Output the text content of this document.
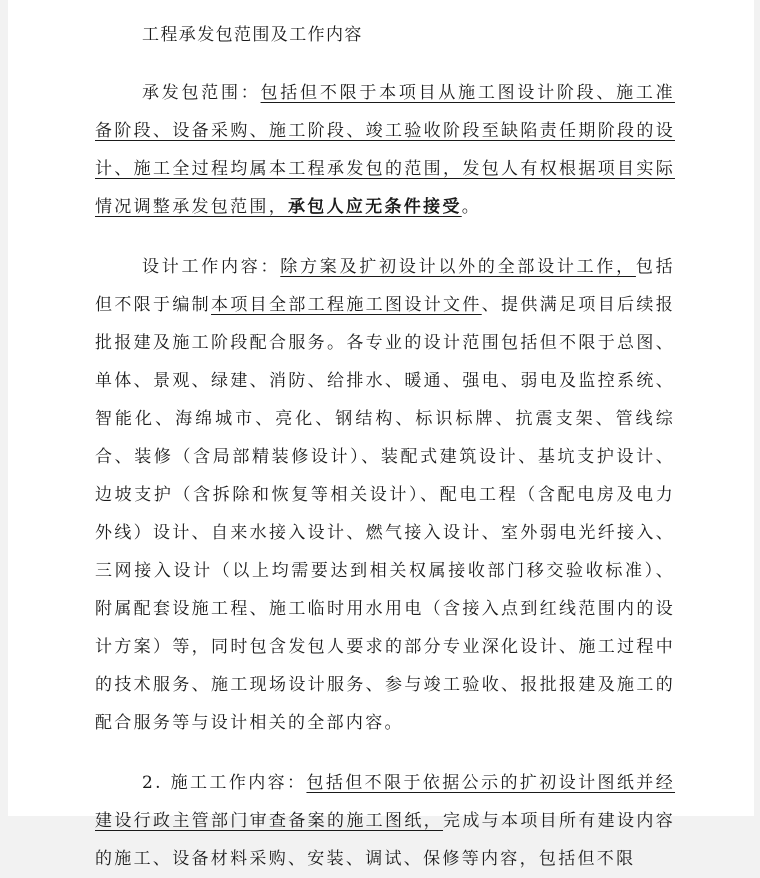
工程承发包范围及工作内容

承发包范围：包括但不限于本项目从施工图设计阶段、施工准备阶段、设备采购、施工阶段、竣工验收阶段至缺陷责任期阶段的设计、施工全过程均属本工程承发包的范围，发包人有权根据项目实际情况调整承发包范围，承包人应无条件接受。

设计工作内容：除方案及扩初设计以外的全部设计工作，包括但不限于编制本项目全部工程施工图设计文件、提供满足项目后续报批报建及施工阶段配合服务。各专业的设计范围包括但不限于总图、单体、景观、绿建、消防、给排水、暖通、强电、弱电及监控系统、智能化、海绵城市、亮化、钢结构、标识标牌、抗震支架、管线综合、装修（含局部精装修设计）、装配式建筑设计、基坑支护设计、边坡支护（含拆除和恢复等相关设计）、配电工程（含配电房及电力外线）设计、自来水接入设计、燃气接入设计、室外弱电光纤接入、三网接入设计（以上均需要达到相关权属接收部门移交验收标准）、附属配套设施工程、施工临时用水用电（含接入点到红线范围内的设计方案）等，同时包含发包人要求的部分专业深化设计、施工过程中的技术服务、施工现场设计服务、参与竣工验收、报批报建及施工的配合服务等与设计相关的全部内容。

2. 施工工作内容：包括但不限于依据公示的扩初设计图纸并经建设行政主管部门审查备案的施工图纸，完成与本项目所有建设内容的施工、设备材料采购、安装、调试、保修等内容，包括但不限
